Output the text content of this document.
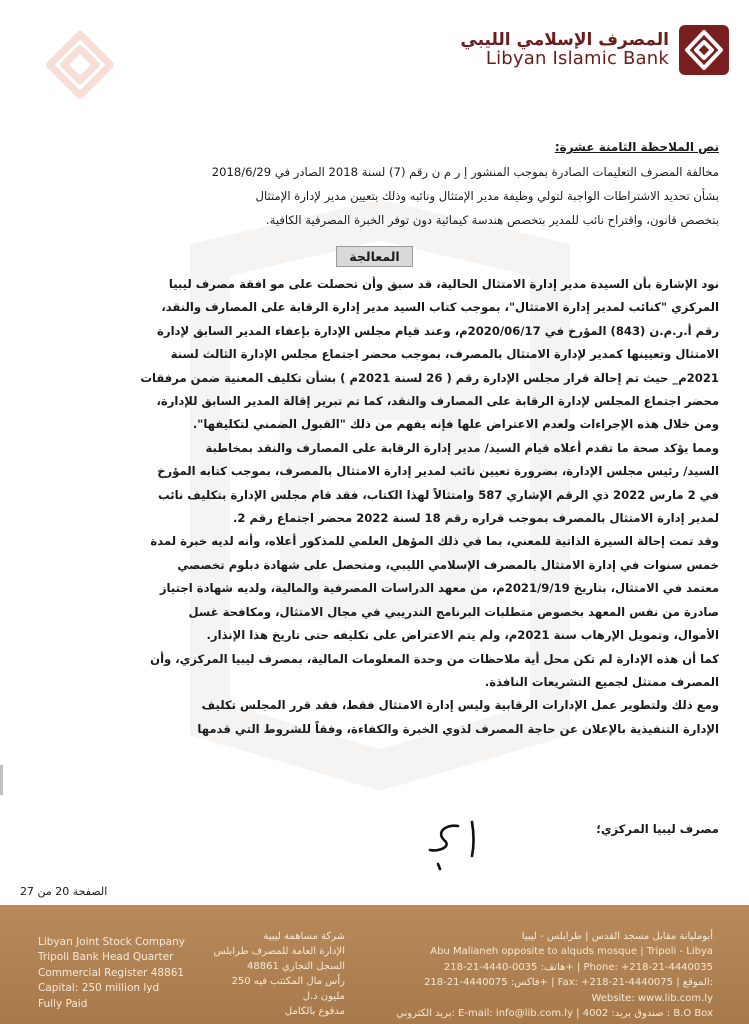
المصرف الإسلامي الليبي
Libyan Islamic Bank
نص الملاحظة الثامنة عشرة:

مخالفة المصرف التعليمات الصادرة بموجب المنشور إ ر م ن رقم (7) لسنة 2018 الصادر في 2018/6/29
بشأن تحديد الاشتراطات الواجبة لتولي وظيفة مدير الإمتثال ونائبه وذلك بتعيين مدير لإدارة الإمتثال
بتخصص قانون، واقتراح نائب للمدير بتخصص هندسة كيمائية دون توفر الخبرة المصرفية الكافية.

المعالجة

نود الإشارة بأن السيدة مدير إدارة الامتثال الحالية، قد سبق وأن تحصلت على مو افقة مصرف ليبيا
المركزي "كنائب لمدير إدارة الامتثال"، بموجب كتاب السيد مدير إدارة الرقابة على المصارف والنقد،
رقم أ.ر.م.ن (843) المؤرخ في 2020/06/17م، وعند قيام مجلس الإدارة بإعفاء المدير السابق لإدارة
الامتثال وتعيينها كمدير لإدارة الامتثال بالمصرف، بموجب محضر اجتماع مجلس الإدارة الثالث لسنة
2021م_ حيث تم إحالة قرار مجلس الإدارة رقم ( 26 لسنة 2021م ) بشأن تكليف المعنية ضمن مرفقات
محضر اجتماع المجلس لإدارة الرقابة على المصارف والنقد، كما تم تبرير إقالة المدير السابق للإدارة،
ومن خلال هذه الإجراءات ولعدم الاعتراض علها فإنه يفهم من ذلك "القبول الضمني لتكليفها".

ومما يؤكد صحة ما تقدم أعلاه قيام السيد/ مدير إدارة الرقابة على المصارف والنقد بمخاطبة
السيد/ رئيس مجلس الإدارة، بضرورة تعيين نائب لمدير إدارة الامتثال بالمصرف، بموجب كتابه المؤرخ
في 2 مارس 2022 ذي الرقم الإشاري 587 وامتثالاً لهذا الكتاب، فقد قام مجلس الإدارة بتكليف نائب
لمدير إدارة الامتثال بالمصرف بموجب قراره رقم 18 لسنة 2022 محضر اجتماع رقم 2.

وقد تمت إحالة السيرة الذاتية للمعني، بما في ذلك المؤهل العلمي للمذكور أعلاه، وأنه لديه خبرة لمدة
خمس سنوات في إدارة الامتثال بالمصرف الإسلامي الليبي، ومتحصل على شهادة دبلوم تخصصي
معتمد في الامتثال، بتاريخ 2021/9/19م، من معهد الدراسات المصرفية والمالية، ولديه شهادة اجتياز
صادرة من نفس المعهد بخصوص متطلبات البرنامج التدريبي في مجال الامتثال، ومكافحة غسل
الأموال، وتمويل الإرهاب سنة 2021م، ولم يتم الاعتراض على تكليفه حتى تاريخ هذا الإنذار.

كما أن هذه الإدارة لم تكن محل أية ملاحظات من وحدة المعلومات المالية، بمصرف ليبيا المركزي، وأن
المصرف ممتثل لجميع التشريعات النافذة.

ومع ذلك ولتطوير عمل الإدارات الرقابية وليس إدارة الامتثال فقط، فقد قرر المجلس تكليف
الإدارة التنفيذية بالإعلان عن حاجة المصرف لذوي الخبرة والكفاءة، وفقاً للشروط التي قدمها

مصرف ليبيا المركزي؛
الصفحة 20 من 27
Libyan Joint Stock Company
Tripoli Bank Head Quarter
Commercial Register 48861
Capital: 250 million lyd
Fully Paid
شركة مساهمة ليبية
الإدارة العامة للمصرف طرابلس
السجل التجاري 48861
رأس مال المكتتب فيه 250 مليون د.ل
مدفوع بالكامل
أبومليانة مقابل مسجد القدس | طرابلس - ليبيا
Abu Malianeh opposite to alquds mosque | Tripoli - Libya
هاتف: 0035-4440-21-218+ | Phone: +218-21-4440035
فاكس: 4440075-21-218+ | Fax: +218-21-4440075 | الموقع: Website: www.lib.com.ly
بريد الكتروني: E-mail: info@lib.com.ly | صندوق بريد: 4002 : B.O Box
